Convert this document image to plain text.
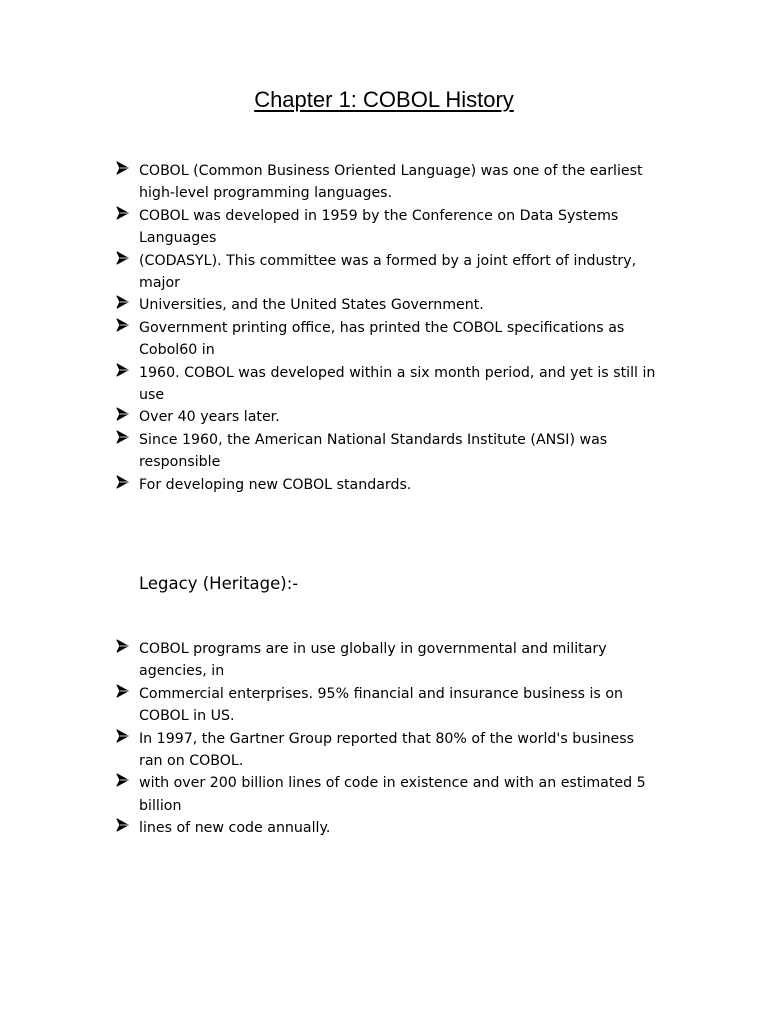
Chapter 1: COBOL History
COBOL (Common Business Oriented Language) was one of the earliest
high-level programming languages.
COBOL was developed in 1959 by the Conference on Data Systems
Languages
(CODASYL). This committee was a formed by a joint effort of industry,
major
Universities, and the United States Government.
Government printing office, has printed the COBOL specifications as
Cobol60 in
1960. COBOL was developed within a six month period, and yet is still in
use
Over 40 years later.
Since 1960, the American National Standards Institute (ANSI) was
responsible
For developing new COBOL standards.
Legacy (Heritage):-
COBOL programs are in use globally in governmental and military
agencies, in
Commercial enterprises. 95% financial and insurance business is on
COBOL in US.
In 1997, the Gartner Group reported that 80% of the world's business
ran on COBOL.
with over 200 billion lines of code in existence and with an estimated 5
billion
lines of new code annually.
